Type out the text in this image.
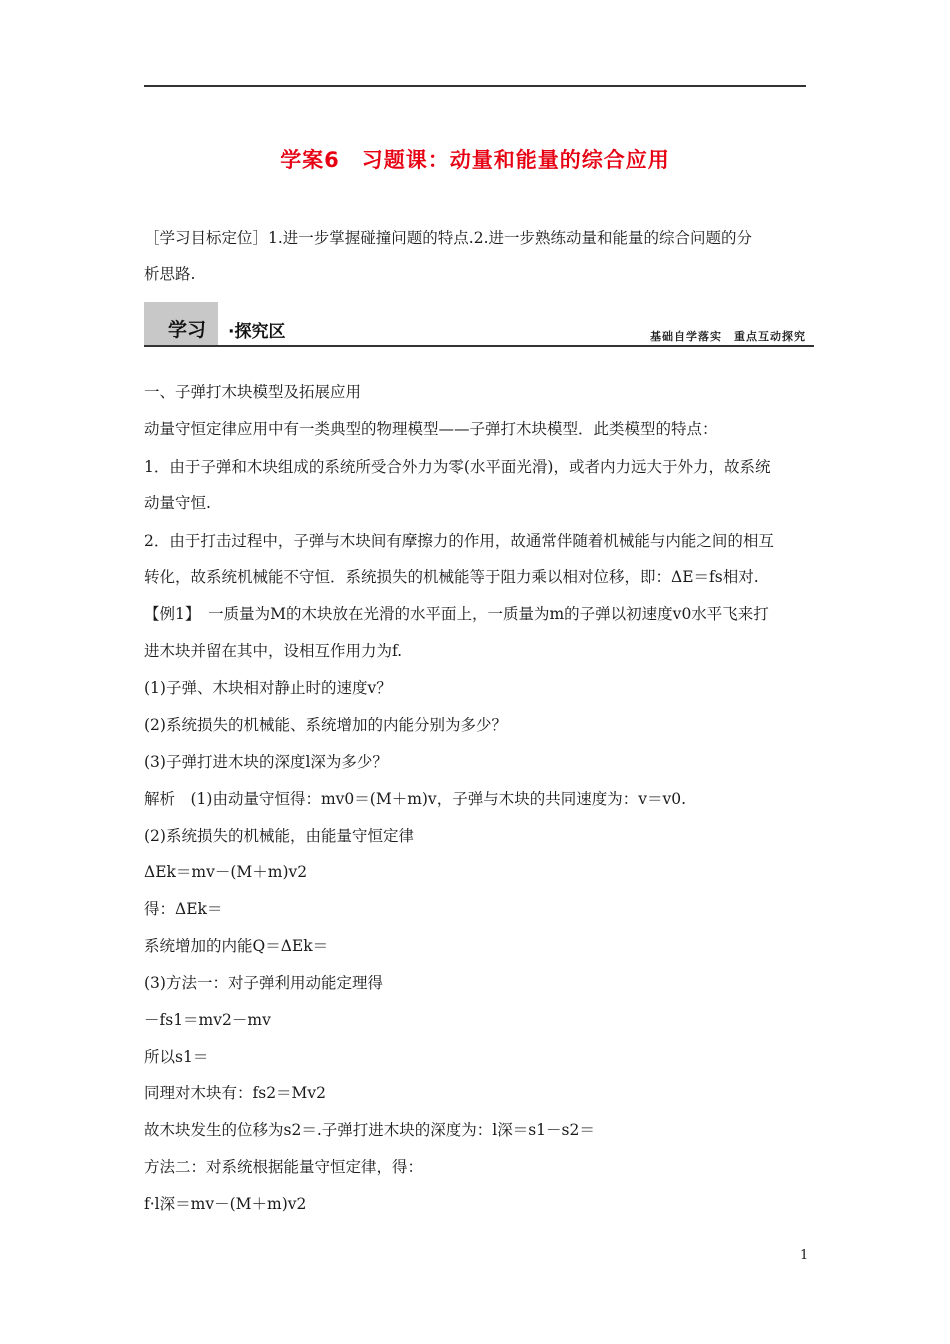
学案6　习题课：动量和能量的综合应用
［学习目标定位］1.进一步掌握碰撞问题的特点.2.进一步熟练动量和能量的综合问题的分
析思路.
学习 ·探究区	基础自学落实　重点互动探究
一、子弹打木块模型及拓展应用
动量守恒定律应用中有一类典型的物理模型——子弹打木块模型．此类模型的特点：
1．由于子弹和木块组成的系统所受合外力为零(水平面光滑)，或者内力远大于外力，故系统
动量守恒.
2．由于打击过程中，子弹与木块间有摩擦力的作用，故通常伴随着机械能与内能之间的相互
转化，故系统机械能不守恒．系统损失的机械能等于阻力乘以相对位移，即：ΔE＝fs相对.
【例1】　一质量为M的木块放在光滑的水平面上，一质量为m的子弹以初速度v0水平飞来打
进木块并留在其中，设相互作用力为f.
(1)子弹、木块相对静止时的速度v？
(2)系统损失的机械能、系统增加的内能分别为多少？
(3)子弹打进木块的深度l深为多少？
解析　(1)由动量守恒得：mv0＝(M＋m)v，子弹与木块的共同速度为：v＝v0.
(2)系统损失的机械能，由能量守恒定律
ΔEk＝mv－(M＋m)v2
得：ΔEk＝
系统增加的内能Q＝ΔEk＝
(3)方法一：对子弹利用动能定理得
－fs1＝mv2－mv
所以s1＝
同理对木块有：fs2＝Mv2
故木块发生的位移为s2＝.子弹打进木块的深度为：l深＝s1－s2＝
方法二：对系统根据能量守恒定律，得：
f·l深＝mv－(M＋m)v2
1
